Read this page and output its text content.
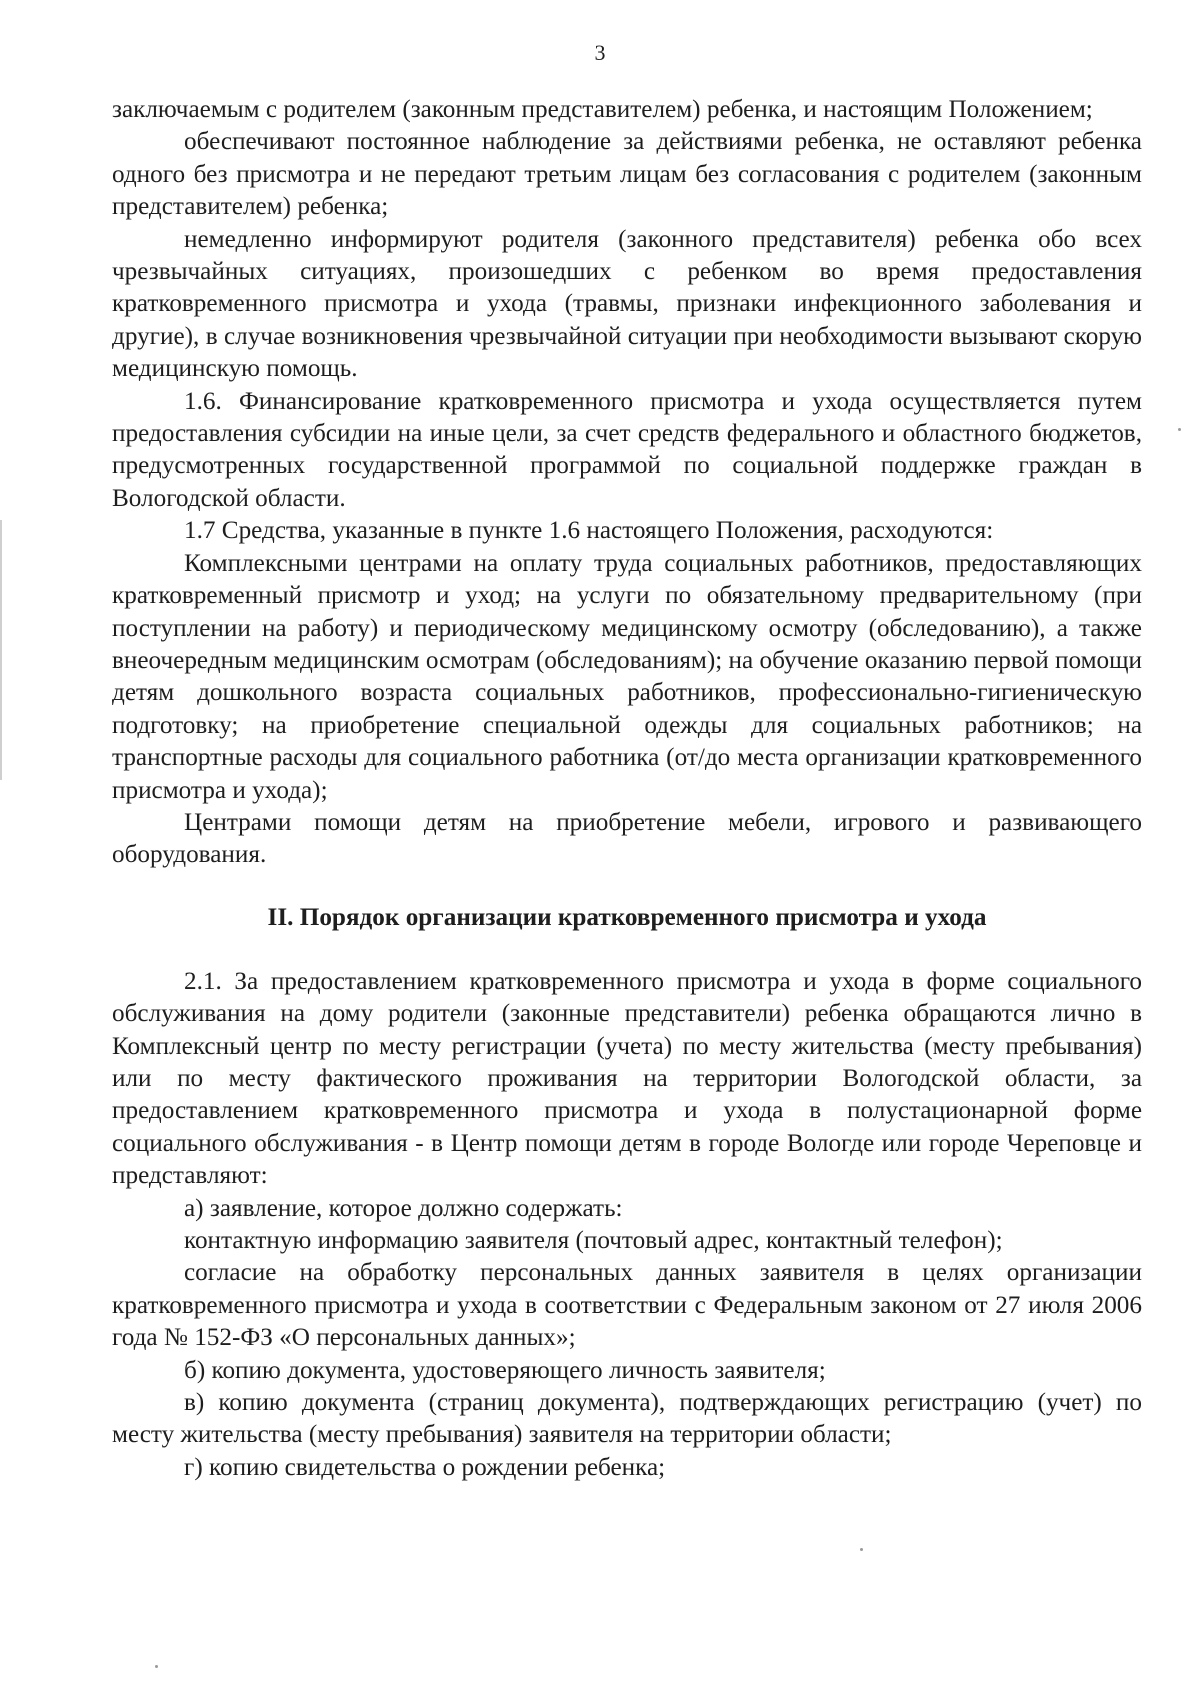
3

заключаемым с родителем (законным представителем) ребенка, и настоящим Положением;

обеспечивают постоянное наблюдение за действиями ребенка, не оставляют ребенка одного без присмотра и не передают третьим лицам без согласования с родителем (законным представителем) ребенка;

немедленно информируют родителя (законного представителя) ребенка обо всех чрезвычайных ситуациях, произошедших с ребенком во время предоставления кратковременного присмотра и ухода (травмы, признаки инфекционного заболевания и другие), в случае возникновения чрезвычайной ситуации при необходимости вызывают скорую медицинскую помощь.

1.6. Финансирование кратковременного присмотра и ухода осуществляется путем предоставления субсидии на иные цели, за счет средств федерального и областного бюджетов, предусмотренных государственной программой по социальной поддержке граждан в Вологодской области.

1.7 Средства, указанные в пункте 1.6 настоящего Положения, расходуются:

Комплексными центрами на оплату труда социальных работников, предоставляющих кратковременный присмотр и уход; на услуги по обязательному предварительному (при поступлении на работу) и периодическому медицинскому осмотру (обследованию), а также внеочередным медицинским осмотрам (обследованиям); на обучение оказанию первой помощи детям дошкольного возраста социальных работников, профессионально-гигиеническую подготовку; на приобретение специальной одежды для социальных работников; на транспортные расходы для социального работника (от/до места организации кратковременного присмотра и ухода);

Центрами помощи детям на приобретение мебели, игрового и развивающего оборудования.

II. Порядок организации кратковременного присмотра и ухода

2.1. За предоставлением кратковременного присмотра и ухода в форме социального обслуживания на дому родители (законные представители) ребенка обращаются лично в Комплексный центр по месту регистрации (учета) по месту жительства (месту пребывания) или по месту фактического проживания на территории Вологодской области, за предоставлением кратковременного присмотра и ухода в полустационарной форме социального обслуживания - в Центр помощи детям в городе Вологде или городе Череповце и представляют:

а) заявление, которое должно содержать:

контактную информацию заявителя (почтовый адрес, контактный телефон);

согласие на обработку персональных данных заявителя в целях организации кратковременного присмотра и ухода в соответствии с Федеральным законом от 27 июля 2006 года № 152-ФЗ «О персональных данных»;

б) копию документа, удостоверяющего личность заявителя;

в) копию документа (страниц документа), подтверждающих регистрацию (учет) по месту жительства (месту пребывания) заявителя на территории области;

г) копию свидетельства о рождении ребенка;
